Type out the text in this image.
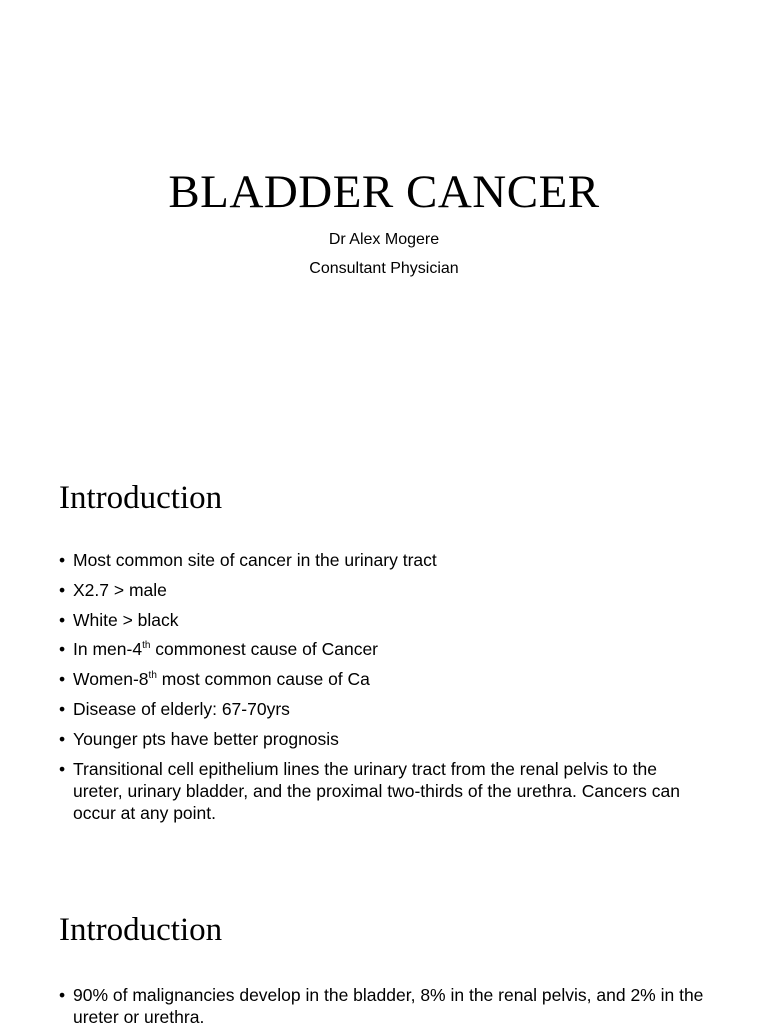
BLADDER CANCER
Dr Alex Mogere
Consultant Physician
Introduction
• Most common site of cancer in the urinary tract
• X2.7 > male
• White > black
• In men-4th commonest cause of Cancer
• Women-8th most common cause of Ca
• Disease of elderly: 67-70yrs
• Younger pts have better prognosis
• Transitional cell epithelium lines the urinary tract from the renal pelvis to the ureter, urinary bladder, and the proximal two-thirds of the urethra. Cancers can occur at any point.
Introduction
• 90% of malignancies develop in the bladder, 8% in the renal pelvis, and 2% in the ureter or urethra.
